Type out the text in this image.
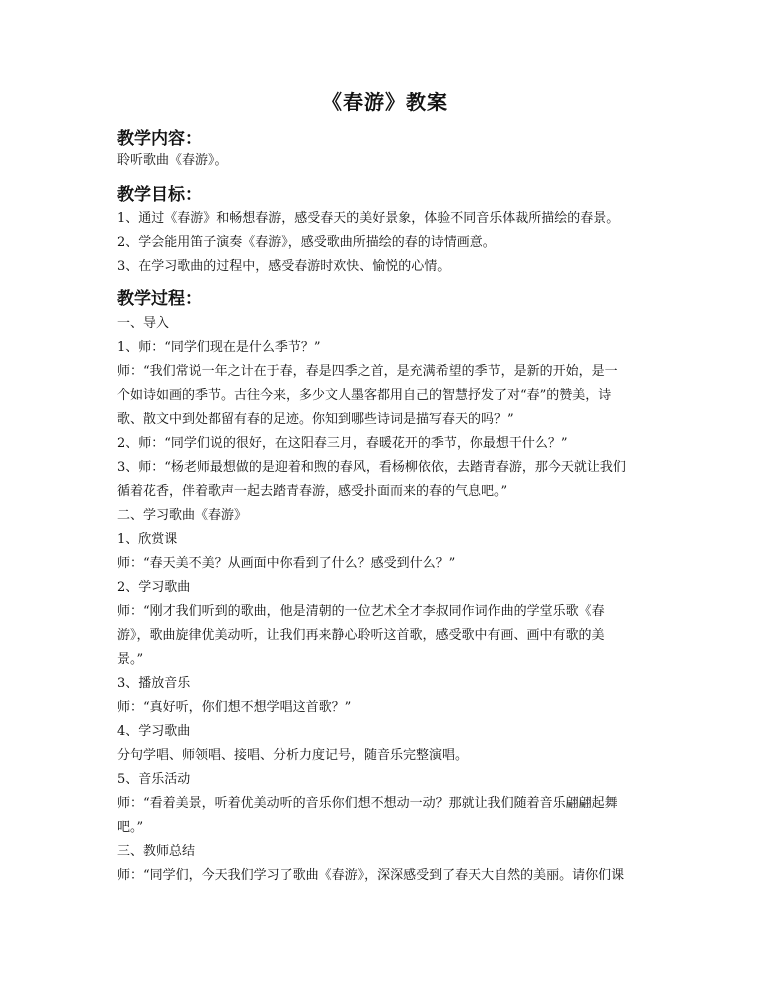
《春游》教案
教学内容：
聆听歌曲《春游》。
教学目标：
1、通过《春游》和畅想春游，感受春天的美好景象，体验不同音乐体裁所描绘的春景。
2、学会能用笛子演奏《春游》，感受歌曲所描绘的春的诗情画意。
3、在学习歌曲的过程中，感受春游时欢快、愉悦的心情。
教学过程：
一、导入
1、师：“同学们现在是什么季节？”
师：“我们常说一年之计在于春，春是四季之首，是充满希望的季节，是新的开始，是一
个如诗如画的季节。古往今来，多少文人墨客都用自己的智慧抒发了对“春”的赞美，诗
歌、散文中到处都留有春的足迹。你知到哪些诗词是描写春天的吗？”
2、师：“同学们说的很好，在这阳春三月，春暖花开的季节，你最想干什么？”
3、师：“杨老师最想做的是迎着和煦的春风，看杨柳依依，去踏青春游，那今天就让我们
循着花香，伴着歌声一起去踏青春游，感受扑面而来的春的气息吧。”
二、学习歌曲《春游》
1、欣赏课
师：“春天美不美？从画面中你看到了什么？感受到什么？”
2、学习歌曲
师：“刚才我们听到的歌曲，他是清朝的一位艺术全才李叔同作词作曲的学堂乐歌《春
游》，歌曲旋律优美动听，让我们再来静心聆听这首歌，感受歌中有画、画中有歌的美
景。”
3、播放音乐
师：“真好听，你们想不想学唱这首歌？”
4、学习歌曲
分句学唱、师领唱、接唱、分析力度记号，随音乐完整演唱。
5、音乐活动
师：“看着美景，听着优美动听的音乐你们想不想动一动？那就让我们随着音乐翩翩起舞
吧。”
三、教师总结
师：“同学们，今天我们学习了歌曲《春游》，深深感受到了春天大自然的美丽。请你们课
